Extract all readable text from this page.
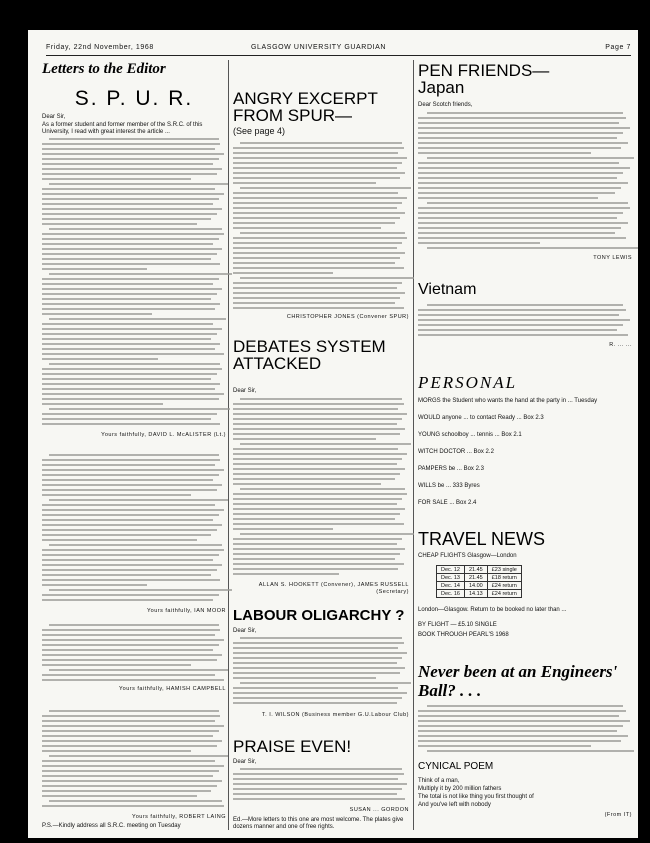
Friday, 22nd November, 1968	GLASGOW UNIVERSITY GUARDIAN	Page 7
Letters to the Editor
S. P. U. R.
Dear Sir,
As a former student and former member of the S.R.C. of this University, I read with great interest the article ...
Yours faithfully, DAVID L. McALISTER (Lt.)
Yours faithfully, IAN MOOR
Yours faithfully, HAMISH CAMPBELL
Yours faithfully, ROBERT LAING
P.S.—Kindly address all S.R.C. meeting on Tuesday
ANGRY EXCERPT FROM SPUR—
(See page 4)
CHRISTOPHER JONES (Convener SPUR)
DEBATES SYSTEM ATTACKED
Dear Sir,
ALLAN S. HOOKETT (Convener), JAMES RUSSELL (Secretary)
LABOUR OLIGARCHY ?
Dear Sir,
T. I. WILSON (Business member G.U.Labour Club)
PRAISE EVEN!
Dear Sir,
SUSAN ... GORDON
Ed.—More letters to this one are most welcome. The plates give dozens manner and one of free rights.
PEN FRIENDS— Japan
Dear Scotch friends,
TONY LEWIS
Vietnam
R. ... ...
PERSONAL
MORGS the Student who wants the hand at the party in ... Tuesday
WOULD anyone ... to contact Ready ... Box 2.3
YOUNG schoolboy ... tennis ... Box 2.1
WITCH DOCTOR ... Box 2.2
PAMPERS be ... Box 2.3
WILLS be ... 333 Byres
FOR SALE ... Box 2.4
TRAVEL NEWS
CHEAP FLIGHTS Glasgow—London
Dec. 12	21.45	£23 single
Dec. 13	21.45	£18 return
Dec. 14	14.00	£24 return
Dec. 16	14.13	£24 return
London—Glasgow. Return to be booked no later than ...
BY FLIGHT — £5.10 SINGLE
BOOK THROUGH PEARL'S 1968
Never been at an Engineers' Ball? . . .
CYNICAL POEM
Think of a man,
Multiply it by 200 million fathers
The total is not like thing you first thought of
And you've left with nobody
(From IT)
